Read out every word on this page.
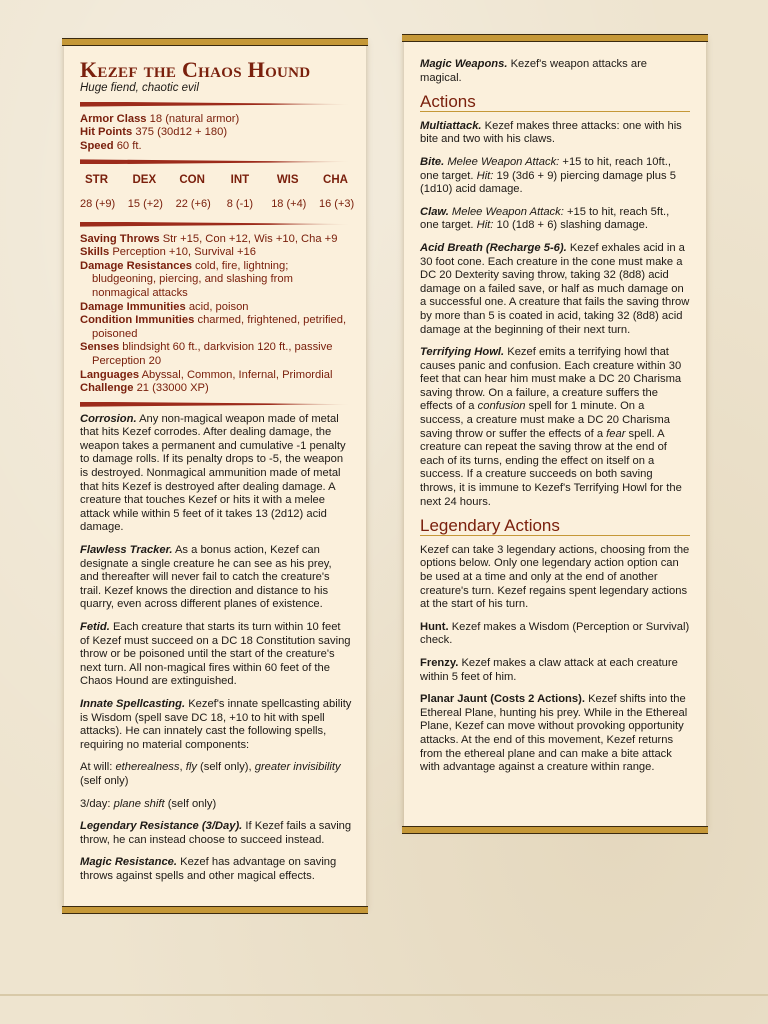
Kezef the Chaos Hound
Huge fiend, chaotic evil
Armor Class 18 (natural armor)
Hit Points 375 (30d12 + 180)
Speed 60 ft.
STR	DEX	CON	INT	WIS	CHA
28 (+9) 15 (+2) 22 (+6)	8 (-1)	18 (+4) 16 (+3)
Saving Throws Str +15, Con +12, Wis +10, Cha +9
Skills Perception +10, Survival +16
Damage Resistances cold, fire, lightning; bludgeoning, piercing, and slashing from nonmagical attacks
Damage Immunities acid, poison
Condition Immunities charmed, frightened, petrified, poisoned
Senses blindsight 60 ft., darkvision 120 ft., passive Perception 20
Languages Abyssal, Common, Infernal, Primordial
Challenge 21 (33000 XP)

Corrosion. Any non-magical weapon made of metal that hits Kezef corrodes. After dealing damage, the weapon takes a permanent and cumulative -1 penalty to damage rolls. If its penalty drops to -5, the weapon is destroyed. Nonmagical ammunition made of metal that hits Kezef is destroyed after dealing damage. A creature that touches Kezef or hits it with a melee attack while within 5 feet of it takes 13 (2d12) acid damage.

Flawless Tracker. As a bonus action, Kezef can designate a single creature he can see as his prey, and thereafter will never fail to catch the creature's trail. Kezef knows the direction and distance to his quarry, even across different planes of existence.

Fetid. Each creature that starts its turn within 10 feet of Kezef must succeed on a DC 18 Constitution saving throw or be poisoned until the start of the creature's next turn. All non-magical fires within 60 feet of the Chaos Hound are extinguished.

Innate Spellcasting. Kezef's innate spellcasting ability is Wisdom (spell save DC 18, +10 to hit with spell attacks). He can innately cast the following spells, requiring no material components:

At will: etherealness, fly (self only), greater invisibility (self only)

3/day: plane shift (self only)

Legendary Resistance (3/Day). If Kezef fails a saving throw, he can instead choose to succeed instead.

Magic Resistance. Kezef has advantage on saving throws against spells and other magical effects.

Magic Weapons. Kezef's weapon attacks are magical.

Actions

Multiattack. Kezef makes three attacks: one with his bite and two with his claws.

Bite. Melee Weapon Attack: +15 to hit, reach 10ft., one target. Hit: 19 (3d6 + 9) piercing damage plus 5 (1d10) acid damage.

Claw. Melee Weapon Attack: +15 to hit, reach 5ft., one target. Hit: 10 (1d8 + 6) slashing damage.

Acid Breath (Recharge 5-6). Kezef exhales acid in a 30 foot cone. Each creature in the cone must make a DC 20 Dexterity saving throw, taking 32 (8d8) acid damage on a failed save, or half as much damage on a successful one. A creature that fails the saving throw by more than 5 is coated in acid, taking 32 (8d8) acid damage at the beginning of their next turn.

Terrifying Howl. Kezef emits a terrifying howl that causes panic and confusion. Each creature within 30 feet that can hear him must make a DC 20 Charisma saving throw. On a failure, a creature suffers the effects of a confusion spell for 1 minute. On a success, a creature must make a DC 20 Charisma saving throw or suffer the effects of a fear spell. A creature can repeat the saving throw at the end of each of its turns, ending the effect on itself on a success. If a creature succeeds on both saving throws, it is immune to Kezef's Terrifying Howl for the next 24 hours.

Legendary Actions

Kezef can take 3 legendary actions, choosing from the options below. Only one legendary action option can be used at a time and only at the end of another creature's turn. Kezef regains spent legendary actions at the start of his turn.

Hunt. Kezef makes a Wisdom (Perception or Survival) check.

Frenzy. Kezef makes a claw attack at each creature within 5 feet of him.

Planar Jaunt (Costs 2 Actions). Kezef shifts into the Ethereal Plane, hunting his prey. While in the Ethereal Plane, Kezef can move without provoking opportunity attacks. At the end of this movement, Kezef returns from the ethereal plane and can make a bite attack with advantage against a creature within range.
